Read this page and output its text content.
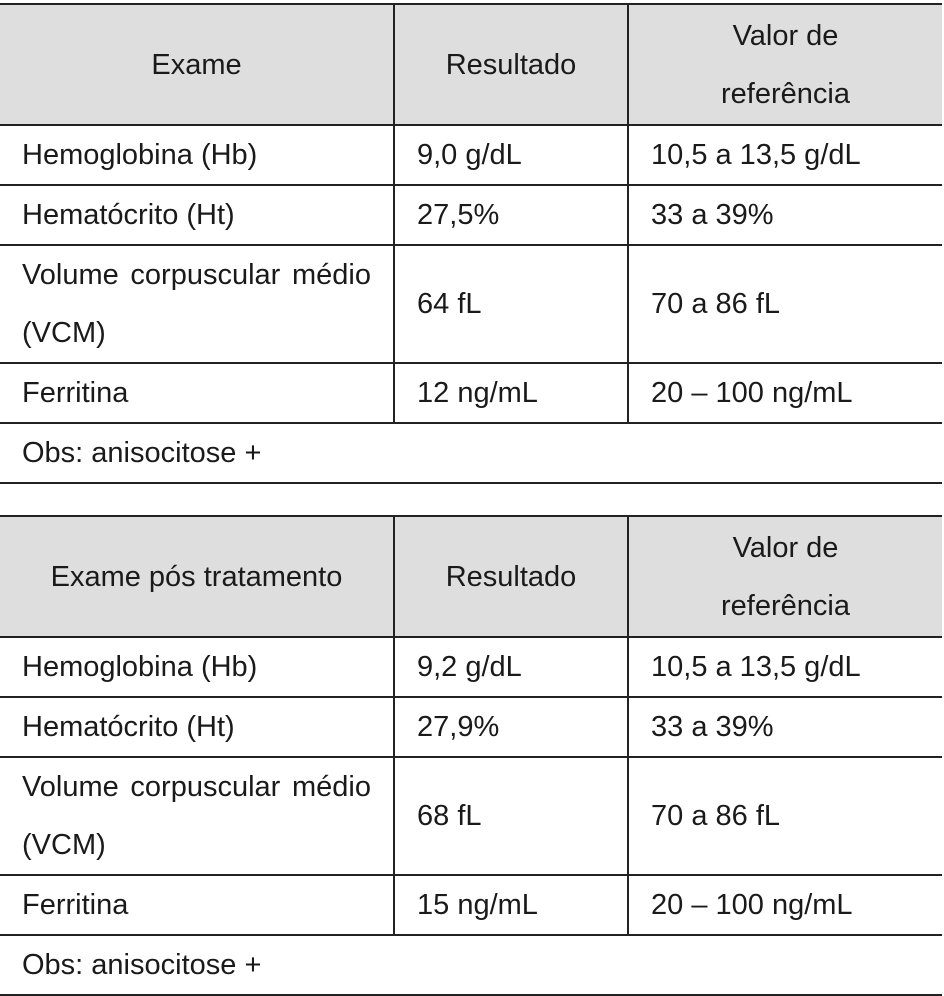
Exame	Resultado	Valor de
referência
Hemoglobina (Hb)	9,0 g/dL	10,5 a 13,5 g/dL
Hematócrito (Ht)	27,5%	33 a 39%
Volume corpuscular médio (VCM)	64 fL	70 a 86 fL
Ferritina	12 ng/mL	20 – 100 ng/mL
Obs: anisocitose +		
Exame pós tratamento	Resultado	Valor de
referência
Hemoglobina (Hb)	9,2 g/dL	10,5 a 13,5 g/dL
Hematócrito (Ht)	27,9%	33 a 39%
Volume corpuscular médio (VCM)	68 fL	70 a 86 fL
Ferritina	15 ng/mL	20 – 100 ng/mL
Obs: anisocitose +		
